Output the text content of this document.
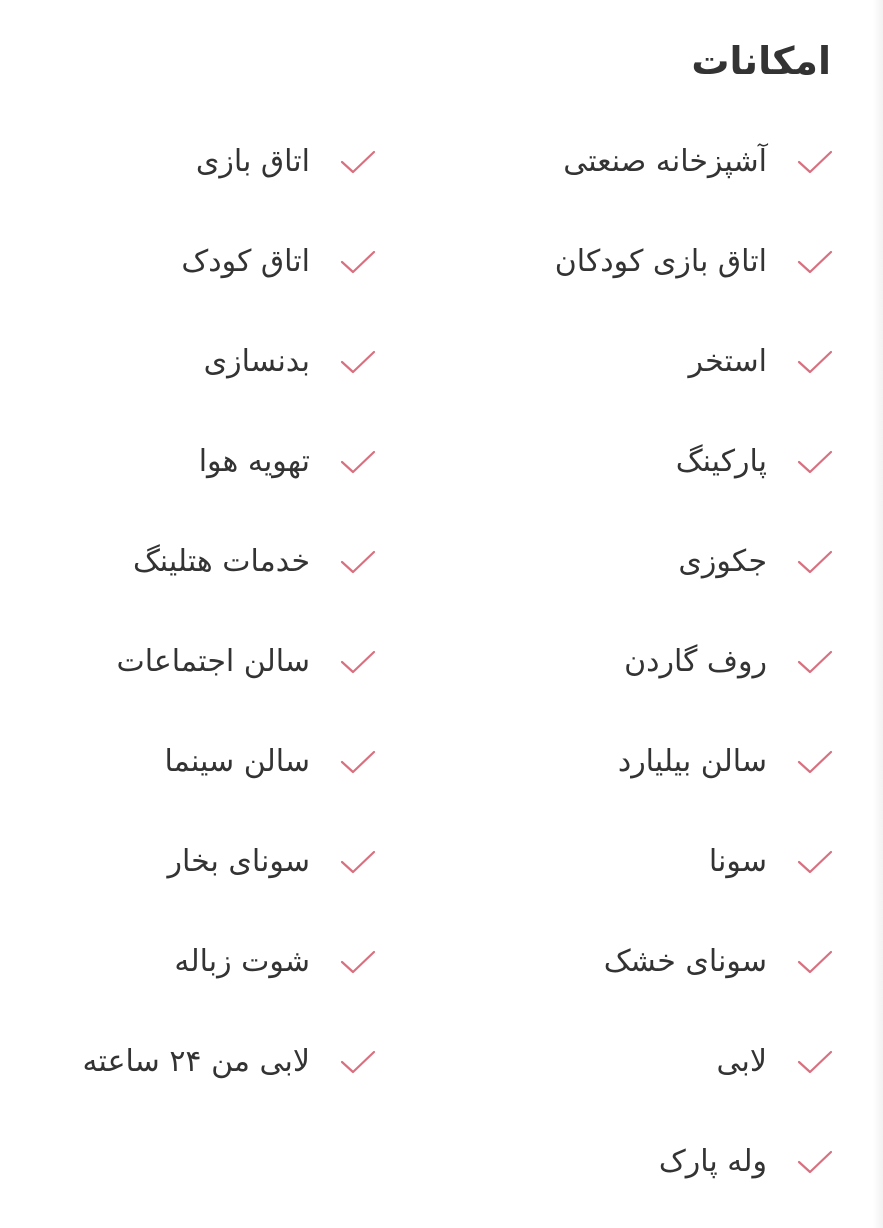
امکانات
آشپزخانه صنعتی
اتاق بازی کودکان
استخر
پارکینگ
جکوزی
روف گاردن
سالن بیلیارد
سونا
سونای خشک
لابی
وله پارک
اتاق بازی
اتاق کودک
بدنسازی
تهویه هوا
خدمات هتلینگ
سالن اجتماعات
سالن سینما
سونای بخار
شوت زباله
لابی من ۲۴ ساعته
